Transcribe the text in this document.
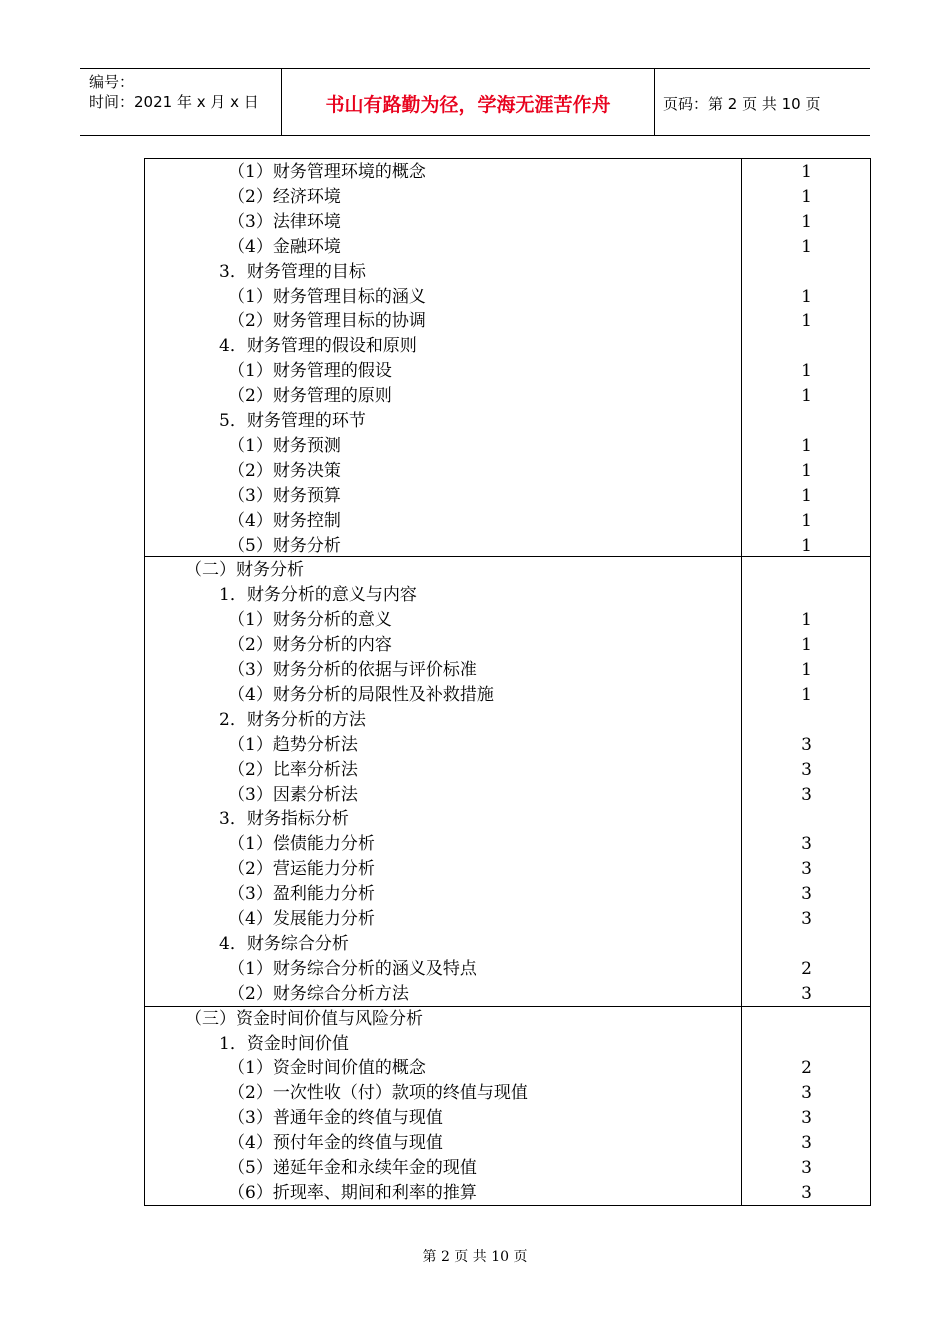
编号：
时间：2021 年 x 月 x 日	书山有路勤为径，学海无涯苦作舟	页码：第 2 页 共 10 页
（1）财务管理环境的概念	1
（2）经济环境	1
（3）法律环境	1
（4）金融环境	1
3．财务管理的目标
（1）财务管理目标的涵义	1
（2）财务管理目标的协调	1
4．财务管理的假设和原则
（1）财务管理的假设	1
（2）财务管理的原则	1
5．财务管理的环节
（1）财务预测	1
（2）财务决策	1
（3）财务预算	1
（4）财务控制	1
（5）财务分析	1
（二）财务分析
1．财务分析的意义与内容
（1）财务分析的意义	1
（2）财务分析的内容	1
（3）财务分析的依据与评价标准	1
（4）财务分析的局限性及补救措施	1
2．财务分析的方法
（1）趋势分析法	3
（2）比率分析法	3
（3）因素分析法	3
3．财务指标分析
（1）偿债能力分析	3
（2）营运能力分析	3
（3）盈利能力分析	3
（4）发展能力分析	3
4．财务综合分析
（1）财务综合分析的涵义及特点	2
（2）财务综合分析方法	3
（三）资金时间价值与风险分析
1．资金时间价值
（1）资金时间价值的概念	2
（2）一次性收（付）款项的终值与现值	3
（3）普通年金的终值与现值	3
（4）预付年金的终值与现值	3
（5）递延年金和永续年金的现值	3
（6）折现率、期间和利率的推算	3
第 2 页 共 10 页
